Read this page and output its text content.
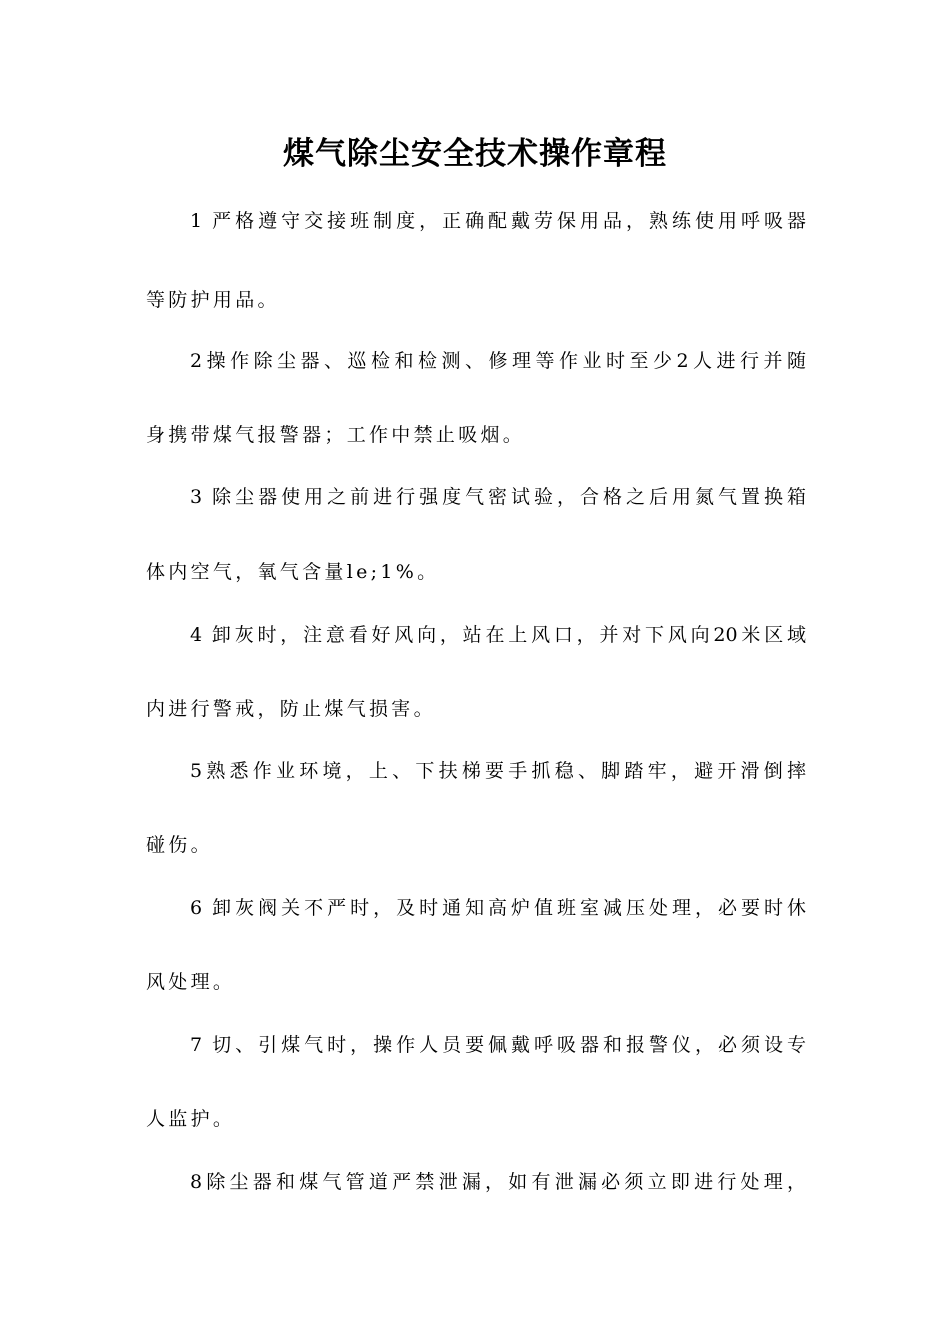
煤气除尘安全技术操作章程
1 严格遵守交接班制度，正确配戴劳保用品，熟练使用呼吸器
等防护用品。
2操作除尘器、巡检和检测、修理等作业时至少2人进行并随
身携带煤气报警器；工作中禁止吸烟。
3 除尘器使用之前进行强度气密试验，合格之后用氮气置换箱
体内空气，氧气含量le;1%。
4 卸灰时，注意看好风向，站在上风口，并对下风向20米区域
内进行警戒，防止煤气损害。
5熟悉作业环境，上、下扶梯要手抓稳、脚踏牢，避开滑倒摔
碰伤。
6 卸灰阀关不严时，及时通知高炉值班室减压处理，必要时休
风处理。
7 切、引煤气时，操作人员要佩戴呼吸器和报警仪，必须设专
人监护。
8除尘器和煤气管道严禁泄漏，如有泄漏必须立即进行处理，
